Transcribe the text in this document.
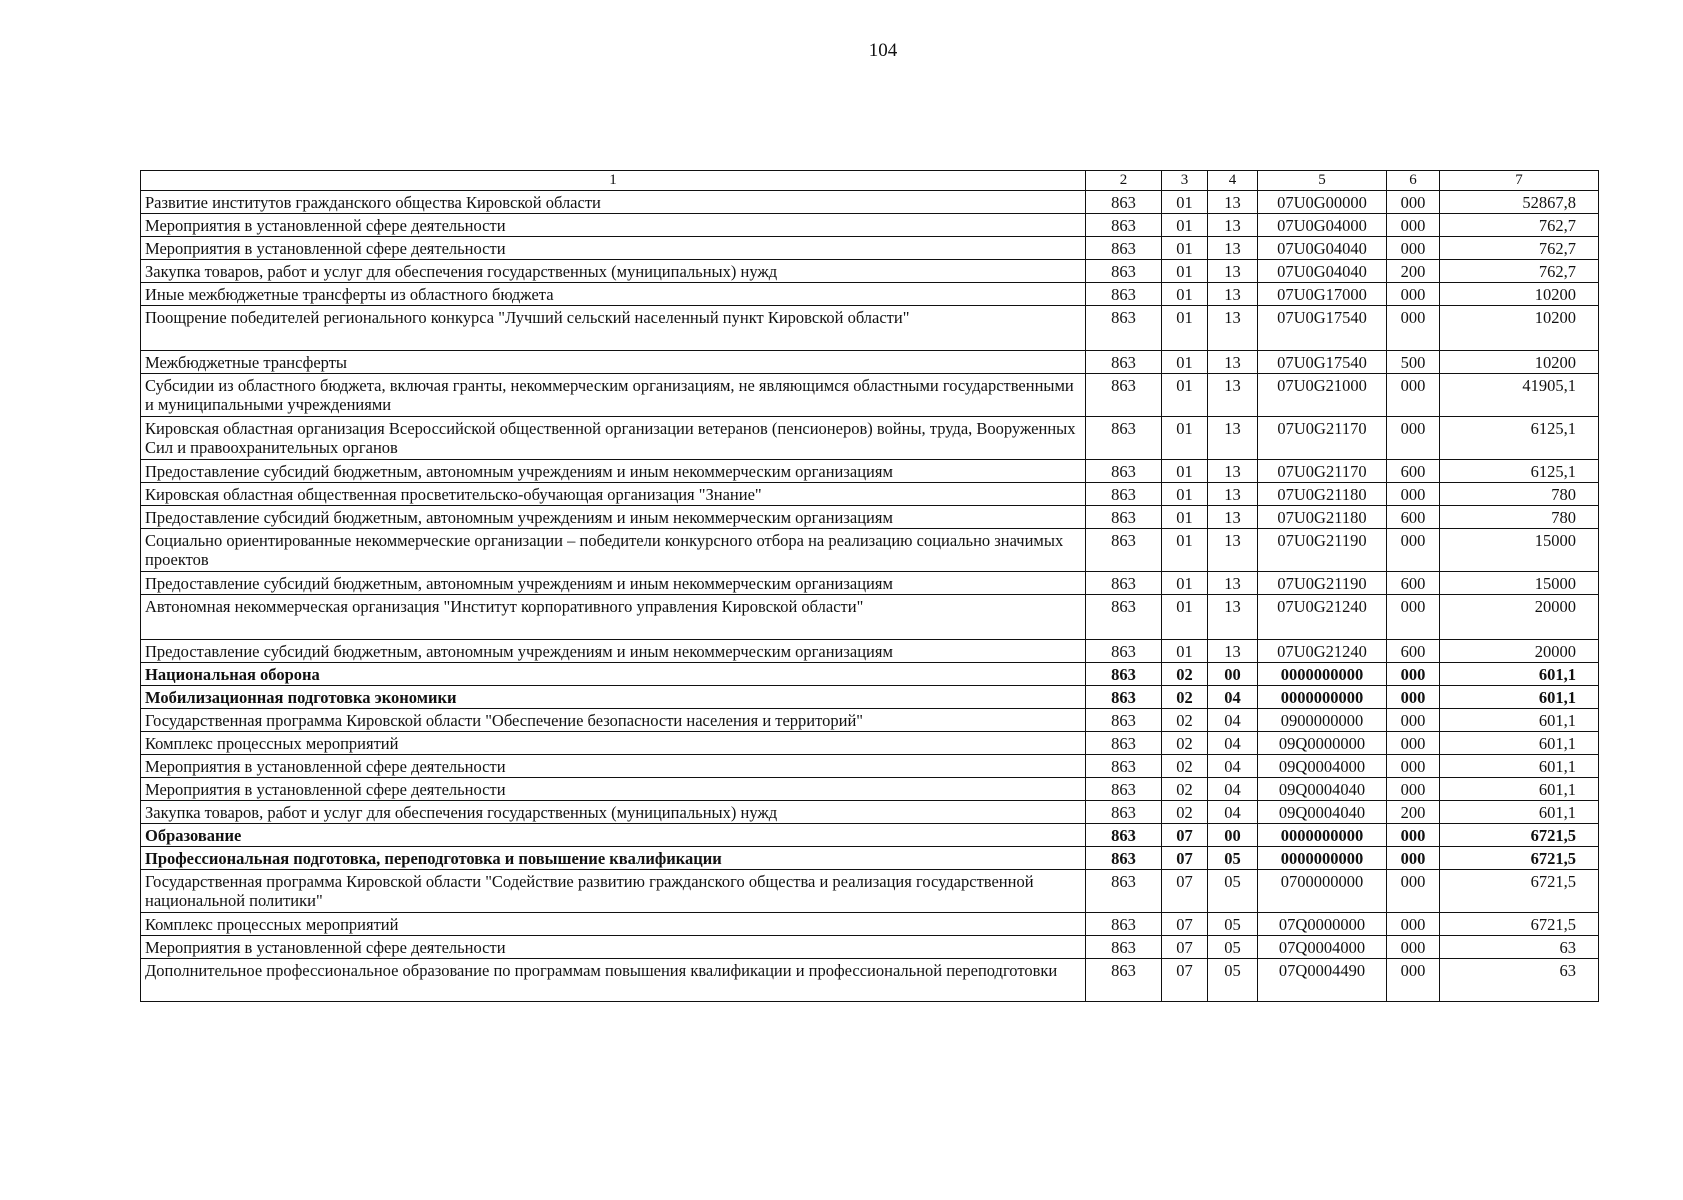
104
1	2	3	4	5	6	7
Развитие институтов гражданского общества Кировской области	863	01	13	07U0G00000	000	52867,8
Мероприятия в установленной сфере деятельности	863	01	13	07U0G04000	000	762,7
Мероприятия в установленной сфере деятельности	863	01	13	07U0G04040	000	762,7
Закупка товаров, работ и услуг для обеспечения государственных (муниципальных) нужд	863	01	13	07U0G04040	200	762,7
Иные межбюджетные трансферты из областного бюджета	863	01	13	07U0G17000	000	10200
Поощрение победителей регионального конкурса "Лучший сельский населенный пункт Кировской области"	863	01	13	07U0G17540	000	10200
Межбюджетные трансферты	863	01	13	07U0G17540	500	10200
Субсидии из областного бюджета, включая гранты, некоммерческим организациям, не являющимся областными государственными и муниципальными учреждениями	863	01	13	07U0G21000	000	41905,1
Кировская областная организация Всероссийской общественной организации ветеранов (пенсионеров) войны, труда, Вооруженных Сил и правоохранительных органов	863	01	13	07U0G21170	000	6125,1
Предоставление субсидий бюджетным, автономным учреждениям и иным некоммерческим организациям	863	01	13	07U0G21170	600	6125,1
Кировская областная общественная просветительско-обучающая организация "Знание"	863	01	13	07U0G21180	000	780
Предоставление субсидий бюджетным, автономным учреждениям и иным некоммерческим организациям	863	01	13	07U0G21180	600	780
Социально ориентированные некоммерческие организации – победители конкурсного отбора на реализацию социально значимых проектов	863	01	13	07U0G21190	000	15000
Предоставление субсидий бюджетным, автономным учреждениям и иным некоммерческим организациям	863	01	13	07U0G21190	600	15000
Автономная некоммерческая организация "Институт корпоративного управления Кировской области"	863	01	13	07U0G21240	000	20000
Предоставление субсидий бюджетным, автономным учреждениям и иным некоммерческим организациям	863	01	13	07U0G21240	600	20000
Национальная оборона	863	02	00	0000000000	000	601,1
Мобилизационная подготовка экономики	863	02	04	0000000000	000	601,1
Государственная программа Кировской области "Обеспечение безопасности населения и территорий"	863	02	04	0900000000	000	601,1
Комплекс процессных мероприятий	863	02	04	09Q0000000	000	601,1
Мероприятия в установленной сфере деятельности	863	02	04	09Q0004000	000	601,1
Мероприятия в установленной сфере деятельности	863	02	04	09Q0004040	000	601,1
Закупка товаров, работ и услуг для обеспечения государственных (муниципальных) нужд	863	02	04	09Q0004040	200	601,1
Образование	863	07	00	0000000000	000	6721,5
Профессиональная подготовка, переподготовка и повышение квалификации	863	07	05	0000000000	000	6721,5
Государственная программа Кировской области "Содействие развитию гражданского общества и реализация государственной национальной политики"	863	07	05	0700000000	000	6721,5
Комплекс процессных мероприятий	863	07	05	07Q0000000	000	6721,5
Мероприятия в установленной сфере деятельности	863	07	05	07Q0004000	000	63
Дополнительное профессиональное образование по программам повышения квалификации и профессиональной переподготовки	863	07	05	07Q0004490	000	63
